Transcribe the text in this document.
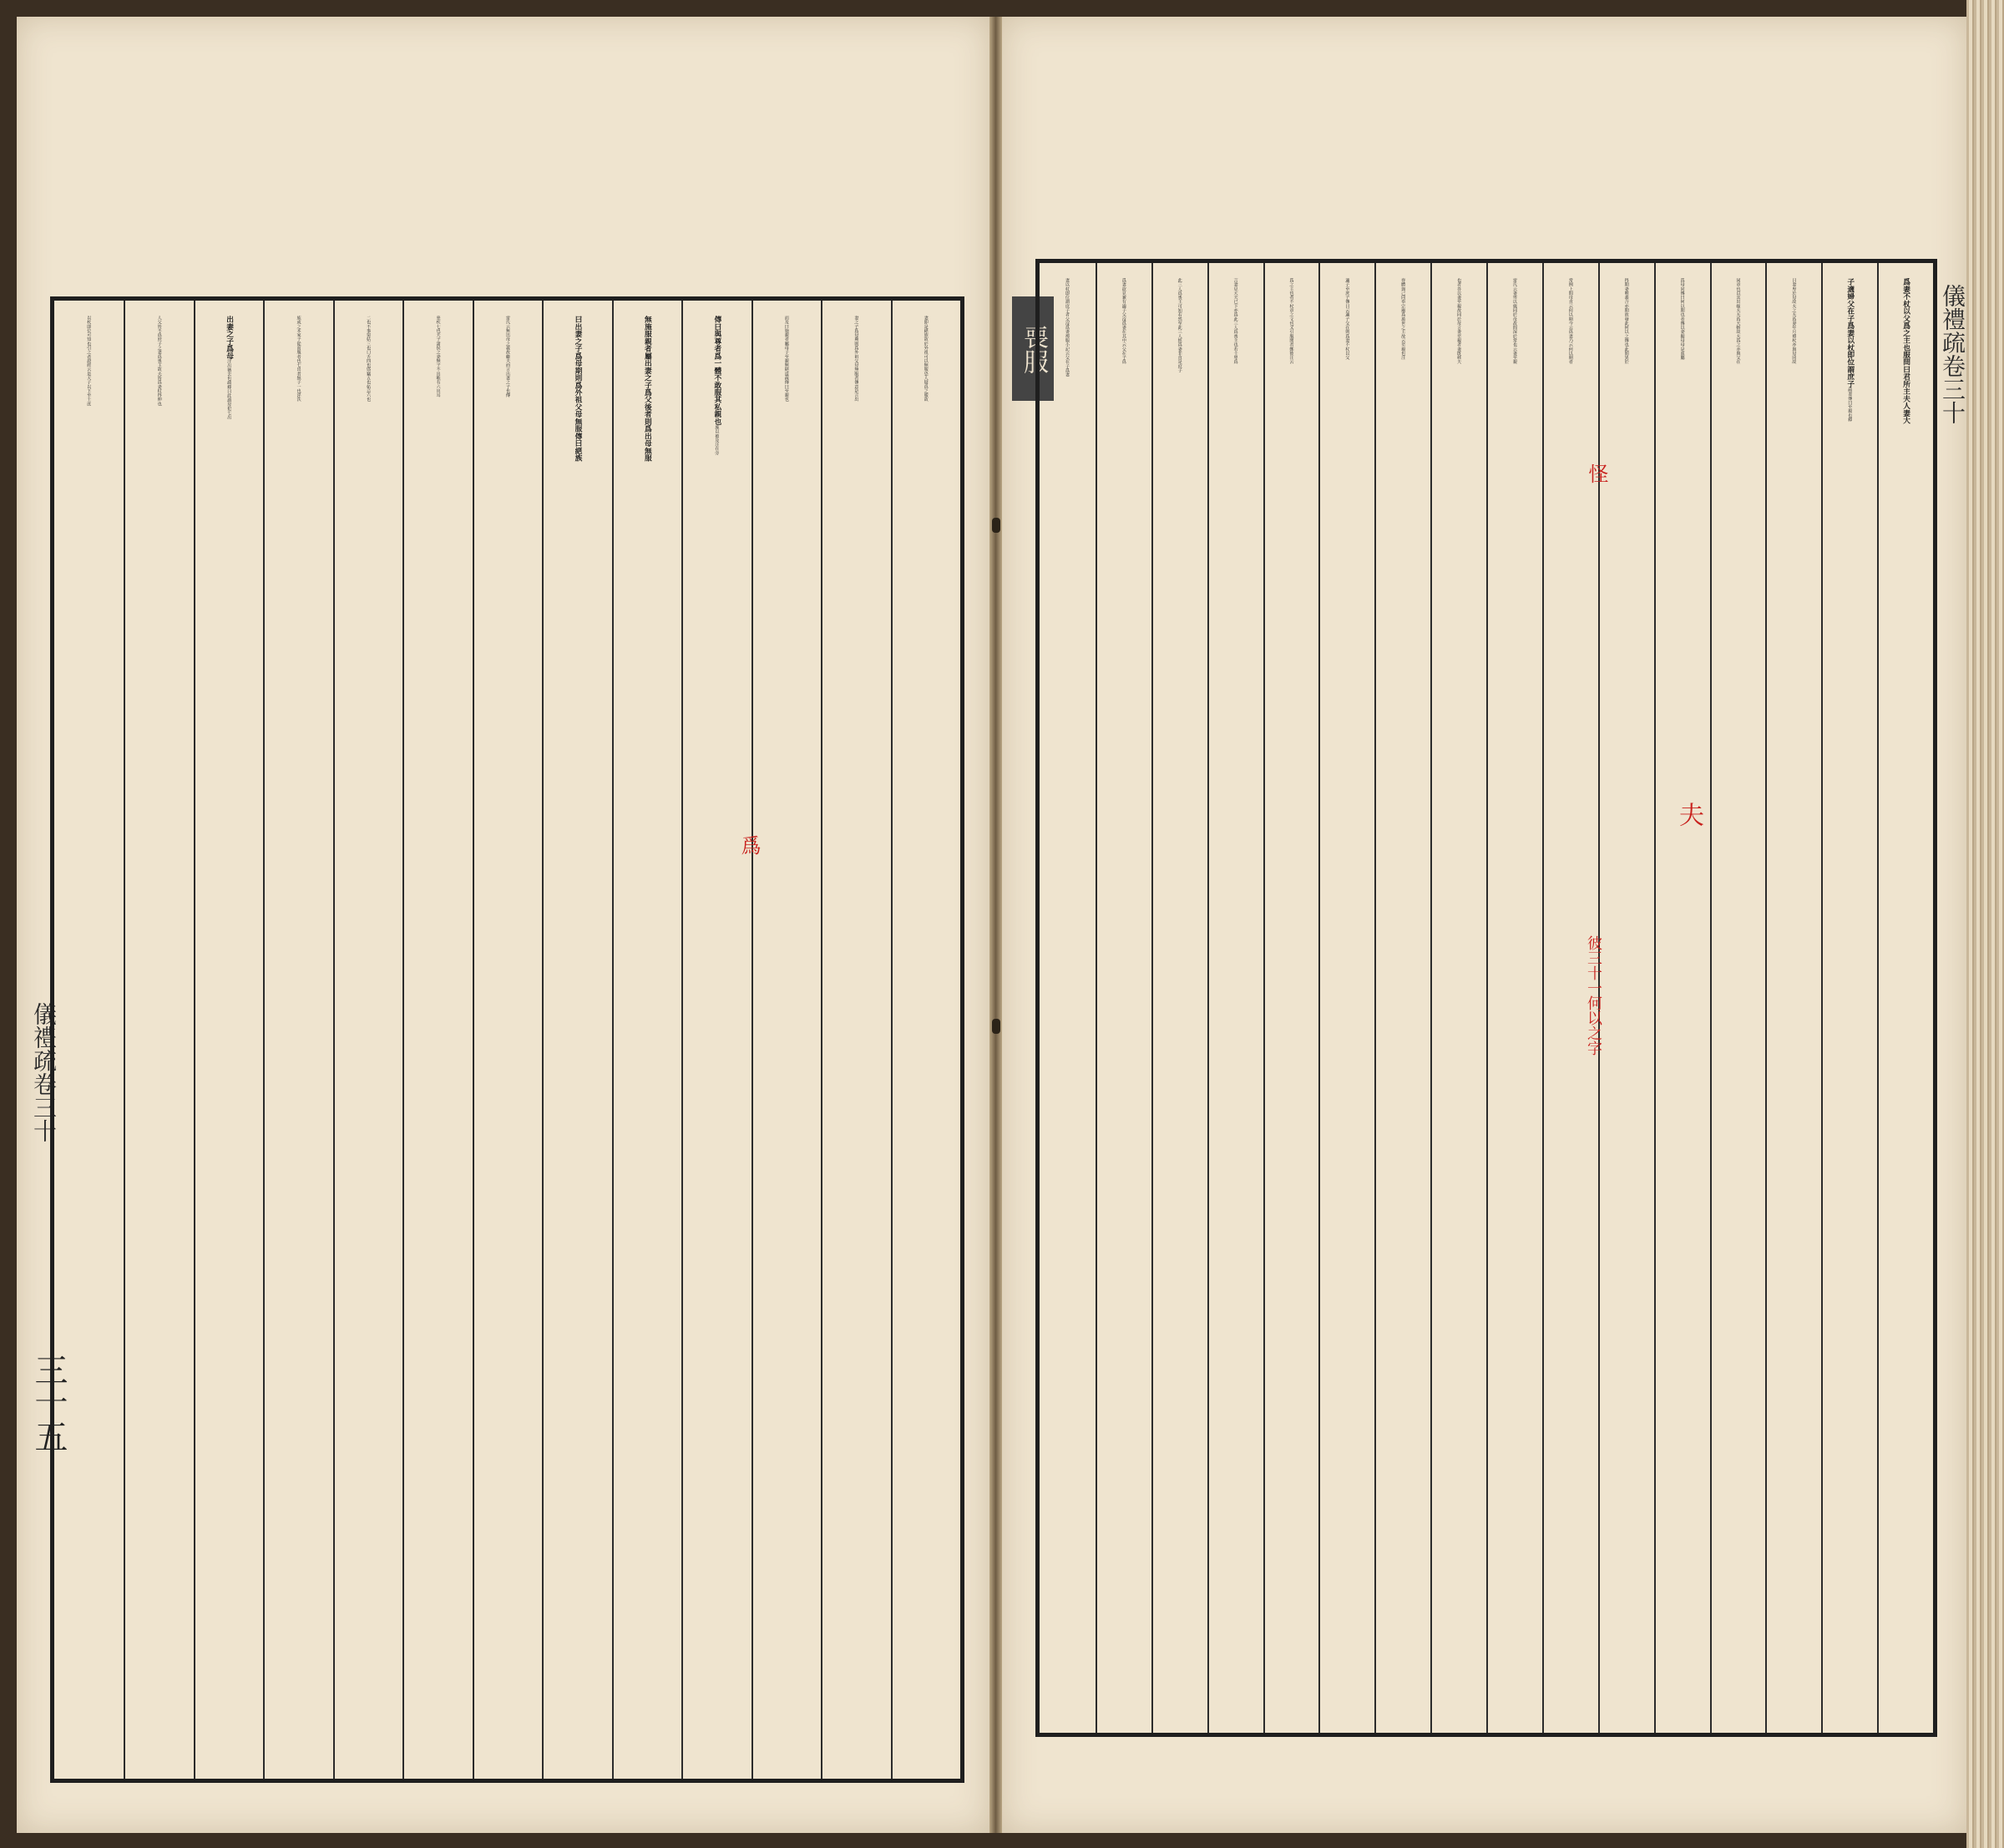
儀禮疏卷三十
三十五
以杖即位可知也引之者證經云是天子以下至士庶	人父皆不爲庶子之妻爲喪主故夫皆爲妻杖得伸也	出妻之子爲母
注出猶去也疏釋曰此謂母犯七出	族或之本家子從而服者也七出者無子一也淫泆	二也不事舅姑三也口舌四也盜竊五也妬忌六也	惡疾七也天子諸侯之妻無子不出唯有六出耳	雷氏云無出母之義故繼夫而言出妻之子也傳	曰出妻之子爲母期則爲外祖父母無服傳曰絕族	無施服親者屬出妻之子爲父後者則爲出母無服	傳曰與尊者爲一體不敢服其私親也
施以被及注在旁
而及曰施親者屬母子至親無絕道疏傳曰至親也	妻之子爲母期則爲外祖父母無服者傳意是言出	妻即是絕族故於外祖可以無服恐人疑爲之服故	喪服	妻以杖即位謂庶子者父沒爲妻禫服小記云父在子爲妻	爲妻欲見兼有適子父沒爲妻在其中云父在子爲	此三人爲喪主可知若然至此三人經爲妻非直是庶子	言妻見大夫已下亦爲此三人爲喪主也若士卑爲	爲之主也者不杖章之文也又引服問者鄭彼注云	適子至庶子傳曰云適子父在則爲妻不杖以父	齊體與己同奉宗廟爲萬世之主故云至親也注	也者荅以妻至親故同於母言妻至親者妻既移天	雷氏云妻卑以旒同於母故問深於常也云妻至親	常例上問母直云何以期今云爲妻乃云何以期者	得期妻唯義合亦期故發此何以之傳也此問異於	爲母同傳曰何以期也者傳以妻擬母母是血屬	同章也以其出嫁夫夫爲天斬故夫爲之亦與父在	曰妻卑於母故夫之夫爲妻年月禫杖亦與母同故	子適婦父在子爲妻以杖即位謂庶子
疏妻傳曰至親也釋	爲妻不杖以父爲之主也服問曰君所主夫人妻大 儀禮疏卷三十
怪
彼三十一何以之字
夫
爲
